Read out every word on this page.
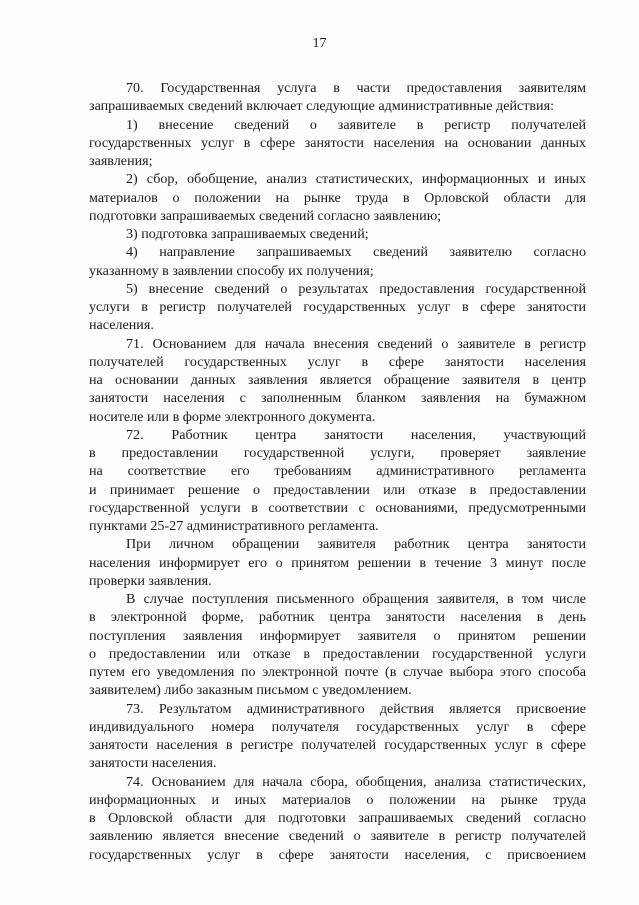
17
70. Государственная услуга в части предоставления заявителям
запрашиваемых сведений включает следующие административные действия:
1) внесение сведений о заявителе в регистр получателей
государственных услуг в сфере занятости населения на основании данных
заявления;
2) сбор, обобщение, анализ статистических, информационных и иных
материалов о положении на рынке труда в Орловской области для
подготовки запрашиваемых сведений согласно заявлению;
3) подготовка запрашиваемых сведений;
4) направление запрашиваемых сведений заявителю согласно
указанному в заявлении способу их получения;
5) внесение сведений о результатах предоставления государственной
услуги в регистр получателей государственных услуг в сфере занятости
населения.
71. Основанием для начала внесения сведений о заявителе в регистр
получателей государственных услуг в сфере занятости населения
на основании данных заявления является обращение заявителя в центр
занятости населения с заполненным бланком заявления на бумажном
носителе или в форме электронного документа.
72. Работник центра занятости населения, участвующий
в предоставлении государственной услуги, проверяет заявление
на соответствие его требованиям административного регламента
и принимает решение о предоставлении или отказе в предоставлении
государственной услуги в соответствии с основаниями, предусмотренными
пунктами 25-27 административного регламента.
При личном обращении заявителя работник центра занятости
населения информирует его о принятом решении в течение 3 минут после
проверки заявления.
В случае поступления письменного обращения заявителя, в том числе
в электронной форме, работник центра занятости населения в день
поступления заявления информирует заявителя о принятом решении
о предоставлении или отказе в предоставлении государственной услуги
путем его уведомления по электронной почте (в случае выбора этого способа
заявителем) либо заказным письмом с уведомлением.
73. Результатом административного действия является присвоение
индивидуального номера получателя государственных услуг в сфере
занятости населения в регистре получателей государственных услуг в сфере
занятости населения.
74. Основанием для начала сбора, обобщения, анализа статистических,
информационных и иных материалов о положении на рынке труда
в Орловской области для подготовки запрашиваемых сведений согласно
заявлению является внесение сведений о заявителе в регистр получателей
государственных услуг в сфере занятости населения, с присвоением
